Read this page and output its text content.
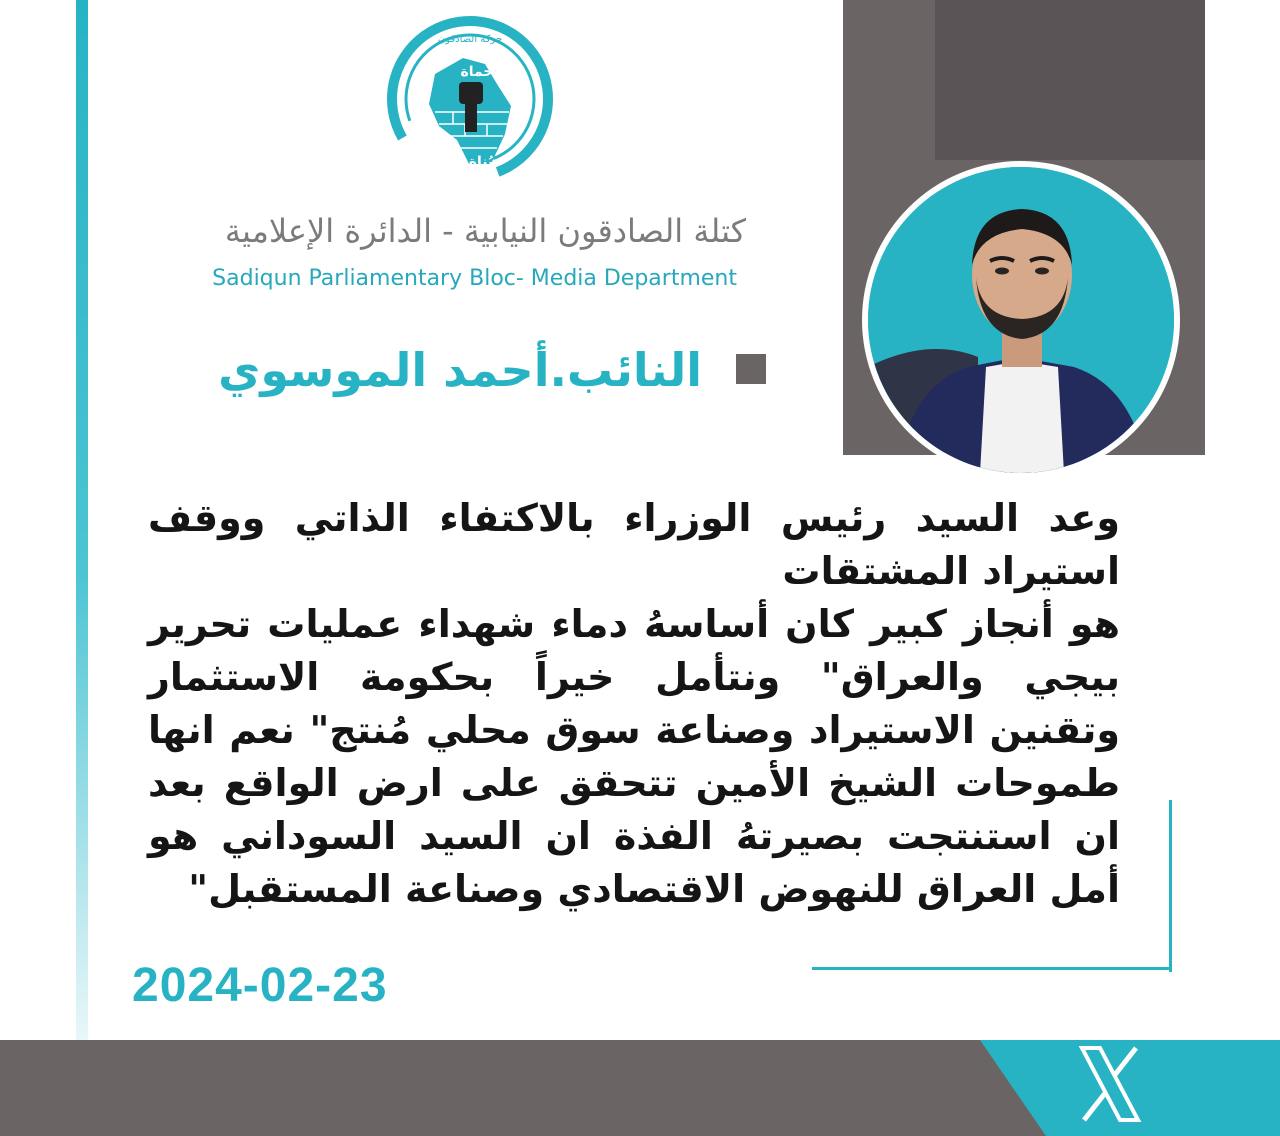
حركة الصادقون
حماة
بُناة
كتلة الصادقون النيابية - الدائرة الإعلامية
Sadiqun Parliamentary Bloc- Media Department
النائب.أحمد الموسوي

وعد السيد رئيس الوزراء بالاكتفاء الذاتي ووقف استيراد المشتقات

هو أنجاز كبير كان أساسهُ دماء شهداء عمليات تحرير بيجي والعراق" ونتأمل خيراً بحكومة الاستثمار وتقنين الاستيراد وصناعة سوق محلي مُنتج" نعم انها طموحات الشيخ الأمين تتحقق على ارض الواقع بعد ان استنتجت بصيرتهُ الفذة ان السيد السوداني هو أمل العراق للنهوض الاقتصادي وصناعة المستقبل"

2024-02-23
